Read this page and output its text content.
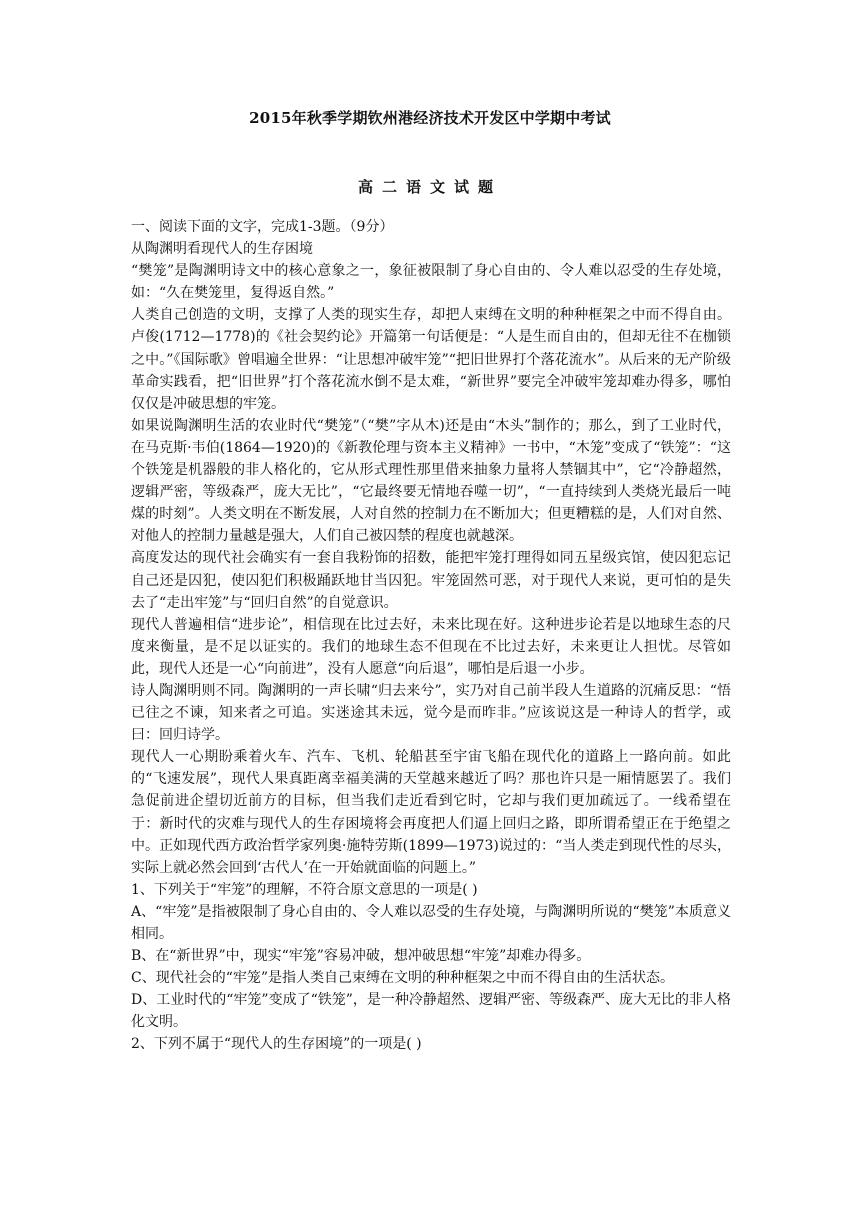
2015年秋季学期钦州港经济技术开发区中学期中考试
高二语文试题

一、阅读下面的文字，完成1-3题。（9分）

从陶渊明看现代人的生存困境

“樊笼”是陶渊明诗文中的核心意象之一，象征被限制了身心自由的、令人难以忍受的生存处境，如：“久在樊笼里，复得返自然。”

人类自己创造的文明，支撑了人类的现实生存，却把人束缚在文明的种种框架之中而不得自由。卢俊(1712—1778)的《社会契约论》开篇第一句话便是：“人是生而自由的，但却无往不在枷锁之中。”《国际歌》曾唱遍全世界：“让思想冲破牢笼”“把旧世界打个落花流水”。从后来的无产阶级革命实践看，把“旧世界”打个落花流水倒不是太难，“新世界”要完全冲破牢笼却难办得多，哪怕仅仅是冲破思想的牢笼。

如果说陶渊明生活的农业时代“樊笼”（“樊”字从木)还是由“木头”制作的；那么，到了工业时代，在马克斯·韦伯(1864—1920)的《新教伦理与资本主义精神》一书中，“木笼”变成了“铁笼”：“这个铁笼是机器般的非人格化的，它从形式理性那里借来抽象力量将人禁锢其中”，它“冷静超然，逻辑严密，等级森严，庞大无比”，“它最终要无情地吞噬一切”，“一直持续到人类烧光最后一吨煤的时刻”。人类文明在不断发展，人对自然的控制力在不断加大；但更糟糕的是，人们对自然、对他人的控制力量越是强大，人们自己被囚禁的程度也就越深。

高度发达的现代社会确实有一套自我粉饰的招数，能把牢笼打理得如同五星级宾馆，使囚犯忘记自己还是囚犯，使囚犯们积极踊跃地甘当囚犯。牢笼固然可恶，对于现代人来说，更可怕的是失去了“走出牢笼”与“回归自然”的自觉意识。

现代人普遍相信“进步论”，相信现在比过去好，未来比现在好。这种进步论若是以地球生态的尺度来衡量，是不足以证实的。我们的地球生态不但现在不比过去好，未来更让人担忧。尽管如此，现代人还是一心“向前进”，没有人愿意“向后退”，哪怕是后退一小步。

诗人陶渊明则不同。陶渊明的一声长啸“归去来兮”，实乃对自己前半段人生道路的沉痛反思：“悟已往之不谏，知来者之可追。实迷途其未远，觉今是而昨非。”应该说这是一种诗人的哲学，或曰：回归诗学。

现代人一心期盼乘着火车、汽车、飞机、轮船甚至宇宙飞船在现代化的道路上一路向前。如此的“飞速发展”，现代人果真距离幸福美满的天堂越来越近了吗？那也许只是一厢情愿罢了。我们急促前进企望切近前方的目标，但当我们走近看到它时，它却与我们更加疏远了。一线希望在于：新时代的灾难与现代人的生存困境将会再度把人们逼上回归之路，即所谓希望正在于绝望之中。正如现代西方政治哲学家列奥·施特劳斯(1899—1973)说过的：“当人类走到现代性的尽头，实际上就必然会回到‘古代人’在一开始就面临的问题上。”

1、下列关于“牢笼”的理解，不符合原文意思的一项是( )

A、“牢笼”是指被限制了身心自由的、令人难以忍受的生存处境，与陶渊明所说的“樊笼”本质意义相同。

B、在“新世界”中，现实“牢笼”容易冲破，想冲破思想“牢笼”却难办得多。

C、现代社会的“牢笼”是指人类自己束缚在文明的种种框架之中而不得自由的生活状态。

D、工业时代的“牢笼”变成了“铁笼”，是一种冷静超然、逻辑严密、等级森严、庞大无比的非人格化文明。

2、下列不属于“现代人的生存困境”的一项是( )
